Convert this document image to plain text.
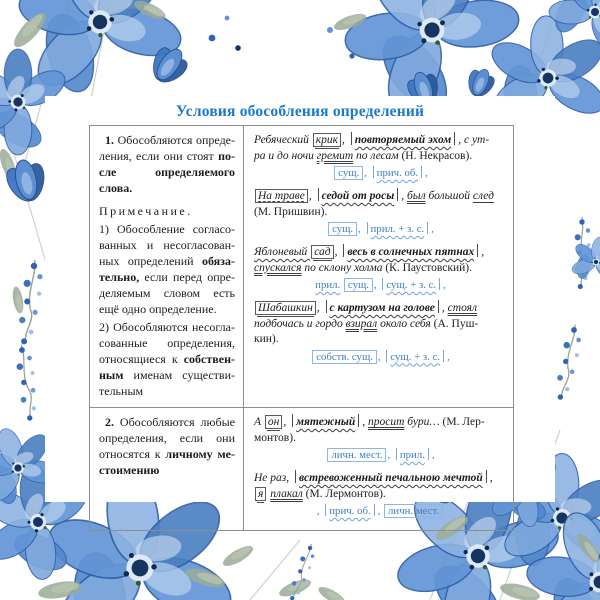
Условия обособления определений

1. Обособляются определения, если они стоят после определяемого слова.

Примечание.

1) Обособление согласованных и несогласованных определений обязательно, если перед определяемым словом есть ещё одно определение.

2) Обособляются несогласованные определения, относящиеся к собственным именам существительным

Ребяческий крик , повторяемый эхом , с ут-
ра и до ночи гремит по лесам (Н. Некрасов).
сущ. , прич. об. ,
На траве , седой от росы , был большой след
(М. Пришвин).
сущ. , прил. + з. с. ,
Яблоневый сад , весь в солнечных пятнах ,
спускался по склону холма (К. Паустовский).
прил. сущ. , сущ. + з. с. ,
Шабашкин , с картузом на голове , стоял
подбочась и гордо взирал около себя (А. Пуш-
кин).
собств. сущ. , сущ. + з. с. ,

2. Обособляются любые определения, если они относятся к личному местоимению

А он , мятежный , просит бури… (М. Лер-
монтов).
личн. мест. , прил. ,
Не раз, встревоженный печальною мечтой ,
я плакал (М. Лермонтов).
, прич. об. , личн. мест.
